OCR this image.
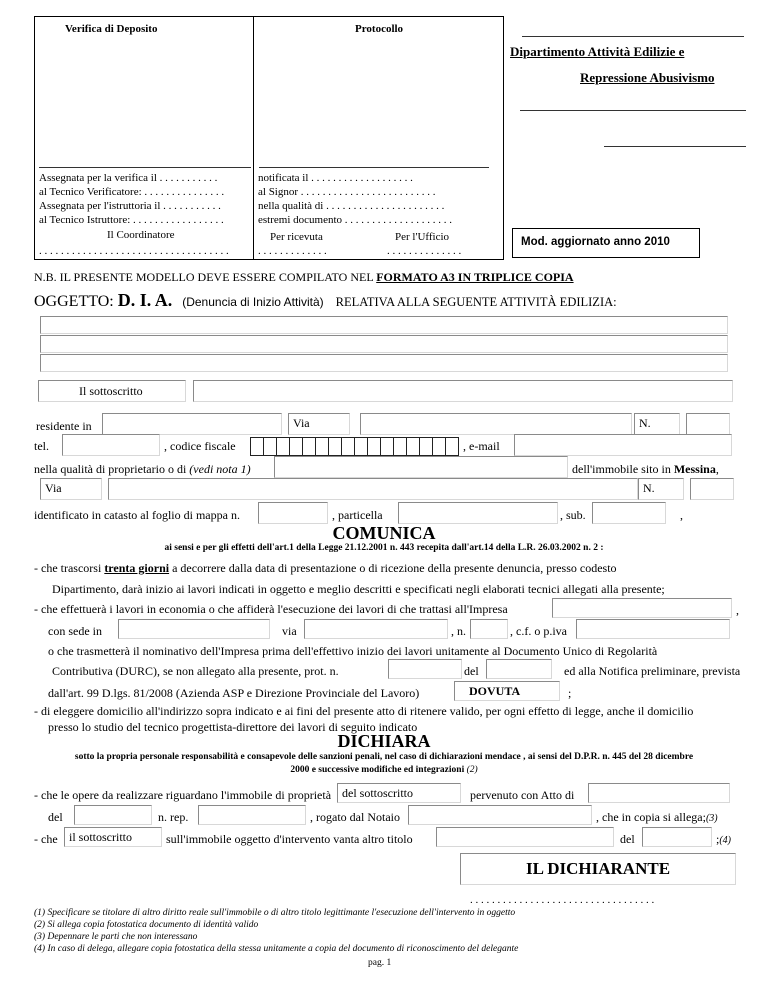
Verifica di Deposito	Protocollo
Assegnata per la verifica il . . . . . . . . . . .
al Tecnico Verificatore: . . . . . . . . . . . . . . .
Assegnata per l'istruttoria il . . . . . . . . . . .
al Tecnico Istruttore: . . . . . . . . . . . . . . . . .
Il Coordinatore
. . . . . . . . . . . . . . . . . . . . . . . . . . . . . . . . . . .
notificata il . . . . . . . . . . . . . . . . . . .
al Signor . . . . . . . . . . . . . . . . . . . . . . . . .
nella qualità di . . . . . . . . . . . . . . . . . . . . . .
estremi documento . . . . . . . . . . . . . . . . . . . .
Per ricevuta	Per l'Ufficio
. . . . . . . . . . . . .	. . . . . . . . . . . . . .
Dipartimento Attività Edilizie e
Repressione Abusivismo
Mod. aggiornato anno 2010
N.B. IL PRESENTE MODELLO DEVE ESSERE COMPILATO NEL FORMATO A3 IN TRIPLICE COPIA
OGGETTO: D. I. A. (Denuncia di Inizio Attività) RELATIVA ALLA SEGUENTE ATTIVITÀ EDILIZIA:
Il sottoscritto
residente in	Via	N.
tel.	, codice fiscale	, e-mail
nella qualità di proprietario o di (vedi nota 1)	dell'immobile sito in Messina,
Via	N.
identificato in catasto al foglio di mappa n.	, particella	, sub.	,
COMUNICA
ai sensi e per gli effetti dell'art.1 della Legge 21.12.2001 n. 443 recepita dall'art.14 della L.R. 26.03.2002 n. 2 :
- che trascorsi trenta giorni a decorrere dalla data di presentazione o di ricezione della presente denuncia, presso codesto
Dipartimento, darà inizio ai lavori indicati in oggetto e meglio descritti e specificati negli elaborati tecnici allegati alla presente;
- che effettuerà i lavori in economia o che affiderà l'esecuzione dei lavori di che trattasi all'Impresa	,
con sede in	via	, n.	, c.f. o p.iva
o che trasmetterà il nominativo dell'Impresa prima dell'effettivo inizio dei lavori unitamente al Documento Unico di Regolarità
Contributiva (DURC), se non allegato alla presente, prot. n.	del	ed alla Notifica preliminare, prevista
dall'art. 99 D.lgs. 81/2008 (Azienda ASP e Direzione Provinciale del Lavoro)	DOVUTA	;
- di eleggere domicilio all'indirizzo sopra indicato e ai fini del presente atto di ritenere valido, per ogni effetto di legge, anche il domicilio
presso lo studio del tecnico progettista-direttore dei lavori di seguito indicato
DICHIARA
sotto la propria personale responsabilità e consapevole delle sanzioni penali, nel caso di dichiarazioni mendace , ai sensi del D.P.R. n. 445 del 28 dicembre
2000 e successive modifiche ed integrazioni (2)
- che le opere da realizzare riguardano l'immobile di proprietà del sottoscritto	pervenuto con Atto di
del	n. rep.	, rogato dal Notaio	, che in copia si allega;(3)
- che il sottoscritto	sull'immobile oggetto d'intervento vanta altro titolo	del	;(4)
IL DICHIARANTE
. . . . . . . . . . . . . . . . . . . . . . . . . . . . . . . . . .
(1) Specificare se titolare di altro diritto reale sull'immobile o di altro titolo legittimante l'esecuzione dell'intervento in oggetto
(2) Si allega copia fotostatica documento di identità valido
(3) Depennare le parti che non interessano
(4) In caso di delega, allegare copia fotostatica della stessa unitamente a copia del documento di riconoscimento del delegante
pag. 1
